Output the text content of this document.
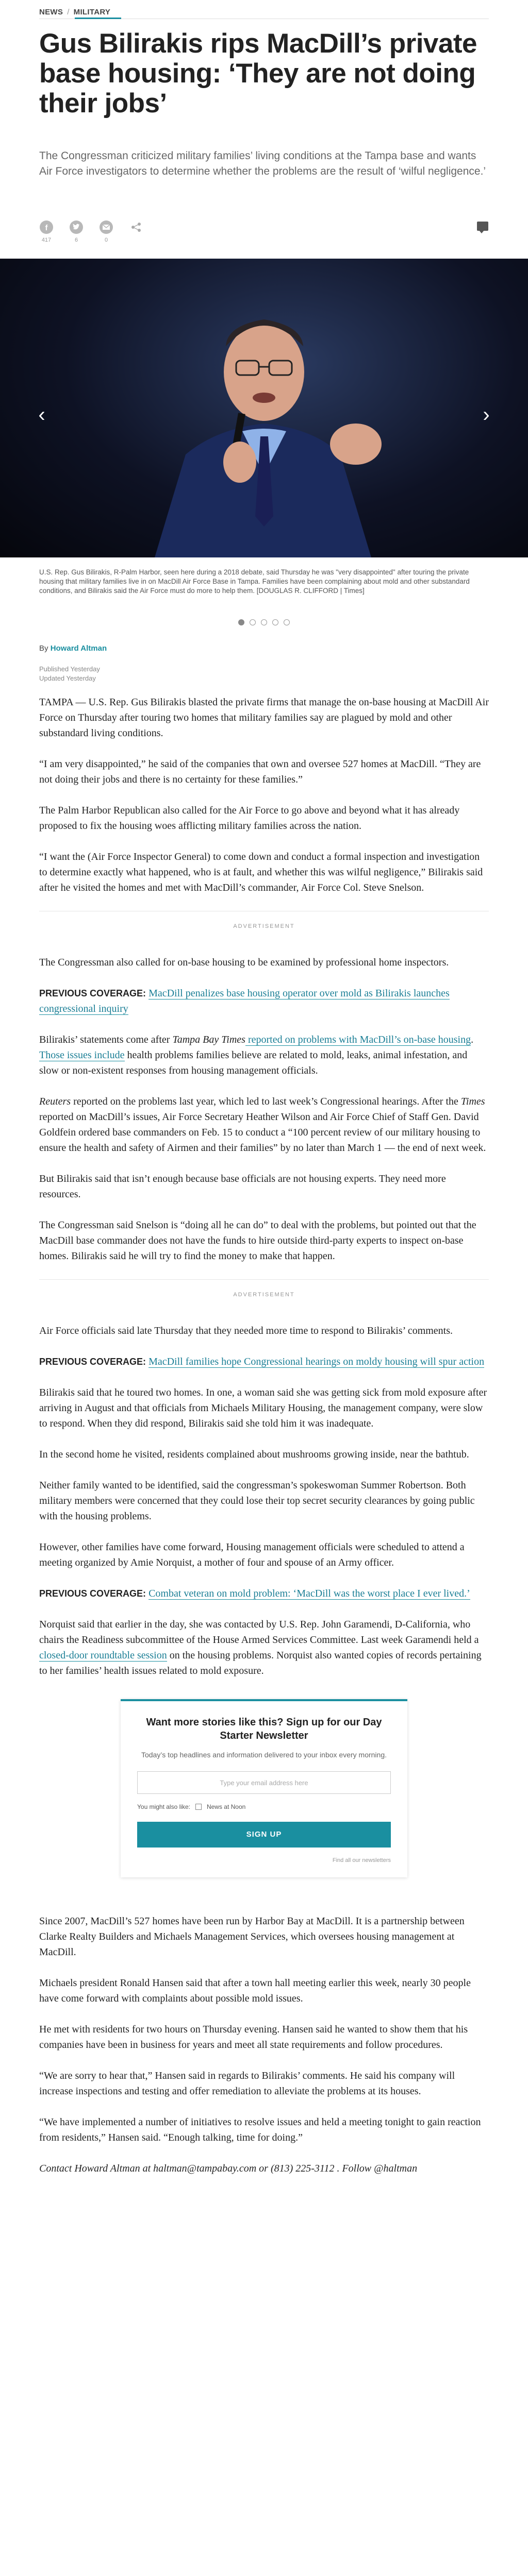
NEWS / MILITARY
Gus Bilirakis rips MacDill’s private base housing: ‘They are not doing their jobs’

The Congressman criticized military families’ living conditions at the Tampa base and wants Air Force investigators to determine whether the problems are the result of ‘wilful negligence.’

f
417	6	0
‹	›

U.S. Rep. Gus Bilirakis, R-Palm Harbor, seen here during a 2018 debate, said Thursday he was "very disappointed" after touring the private housing that military families live in on MacDill Air Force Base in Tampa. Families have been complaining about mold and other substandard conditions, and Bilirakis said the Air Force must do more to help them. [DOUGLAS R. CLIFFORD | Times]

By Howard Altman
Published Yesterday
Updated Yesterday

TAMPA — U.S. Rep. Gus Bilirakis blasted the private firms that manage the on-base housing at MacDill Air Force on Thursday after touring two homes that military families say are plagued by mold and other substandard living conditions.

“I am very disappointed,” he said of the companies that own and oversee 527 homes at MacDill. “They are not doing their jobs and there is no certainty for these families.”

The Palm Harbor Republican also called for the Air Force to go above and beyond what it has already proposed to fix the housing woes afflicting military families across the nation.

“I want the (Air Force Inspector General) to come down and conduct a formal inspection and investigation to determine exactly what happened, who is at fault, and whether this was wilful negligence,” Bilirakis said after he visited the homes and met with MacDill’s commander, Air Force Col. Steve Snelson.

ADVERTISEMENT

The Congressman also called for on-base housing to be examined by professional home inspectors.

PREVIOUS COVERAGE: MacDill penalizes base housing operator over mold as Bilirakis launches congressional inquiry

Bilirakis’ statements come after Tampa Bay Times reported on problems with MacDill’s on-base housing. Those issues include health problems families believe are related to mold, leaks, animal infestation, and slow or non-existent responses from housing management officials.

Reuters reported on the problems last year, which led to last week’s Congressional hearings. After the Times reported on MacDill’s issues, Air Force Secretary Heather Wilson and Air Force Chief of Staff Gen. David Goldfein ordered base commanders on Feb. 15 to conduct a “100 percent review of our military housing to ensure the health and safety of Airmen and their families” by no later than March 1 — the end of next week.

But Bilirakis said that isn’t enough because base officials are not housing experts. They need more resources.

The Congressman said Snelson is “doing all he can do” to deal with the problems, but pointed out that the MacDill base commander does not have the funds to hire outside third-party experts to inspect on-base homes. Bilirakis said he will try to find the money to make that happen.

ADVERTISEMENT

Air Force officials said late Thursday that they needed more time to respond to Bilirakis’ comments.

PREVIOUS COVERAGE: MacDill families hope Congressional hearings on moldy housing will spur action

Bilirakis said that he toured two homes. In one, a woman said she was getting sick from mold exposure after arriving in August and that officials from Michaels Military Housing, the management company, were slow to respond. When they did respond, Bilirakis said she told him it was inadequate.

In the second home he visited, residents complained about mushrooms growing inside, near the bathtub.

Neither family wanted to be identified, said the congressman’s spokeswoman Summer Robertson. Both military members were concerned that they could lose their top secret security clearances by going public with the housing problems.

However, other families have come forward, Housing management officials were scheduled to attend a meeting organized by Amie Norquist, a mother of four and spouse of an Army officer.

PREVIOUS COVERAGE: Combat veteran on mold problem: ‘MacDill was the worst place I ever lived.’

Norquist said that earlier in the day, she was contacted by U.S. Rep. John Garamendi, D-California, who chairs the Readiness subcommittee of the House Armed Services Committee. Last week Garamendi held a closed-door roundtable session on the housing problems. Norquist also wanted copies of records pertaining to her families’ health issues related to mold exposure.

Want more stories like this? Sign up for our Day Starter Newsletter

Today’s top headlines and information delivered to your inbox every morning.

Type your email address here
You might also like:	News at Noon
SIGN UP
Find all our newsletters

Since 2007, MacDill’s 527 homes have been run by Harbor Bay at MacDill. It is a partnership between Clarke Realty Builders and Michaels Management Services, which oversees housing management at MacDill.

Michaels president Ronald Hansen said that after a town hall meeting earlier this week, nearly 30 people have come forward with complaints about possible mold issues.

He met with residents for two hours on Thursday evening. Hansen said he wanted to show them that his companies have been in business for years and meet all state requirements and follow procedures.

“We are sorry to hear that,” Hansen said in regards to Bilirakis’ comments. He said his company will increase inspections and testing and offer remediation to alleviate the problems at its houses.

“We have implemented a number of initiatives to resolve issues and held a meeting tonight to gain reaction from residents,” Hansen said. “Enough talking, time for doing.”

Contact Howard Altman at haltman@tampabay.com or (813) 225-3112 . Follow @haltman
